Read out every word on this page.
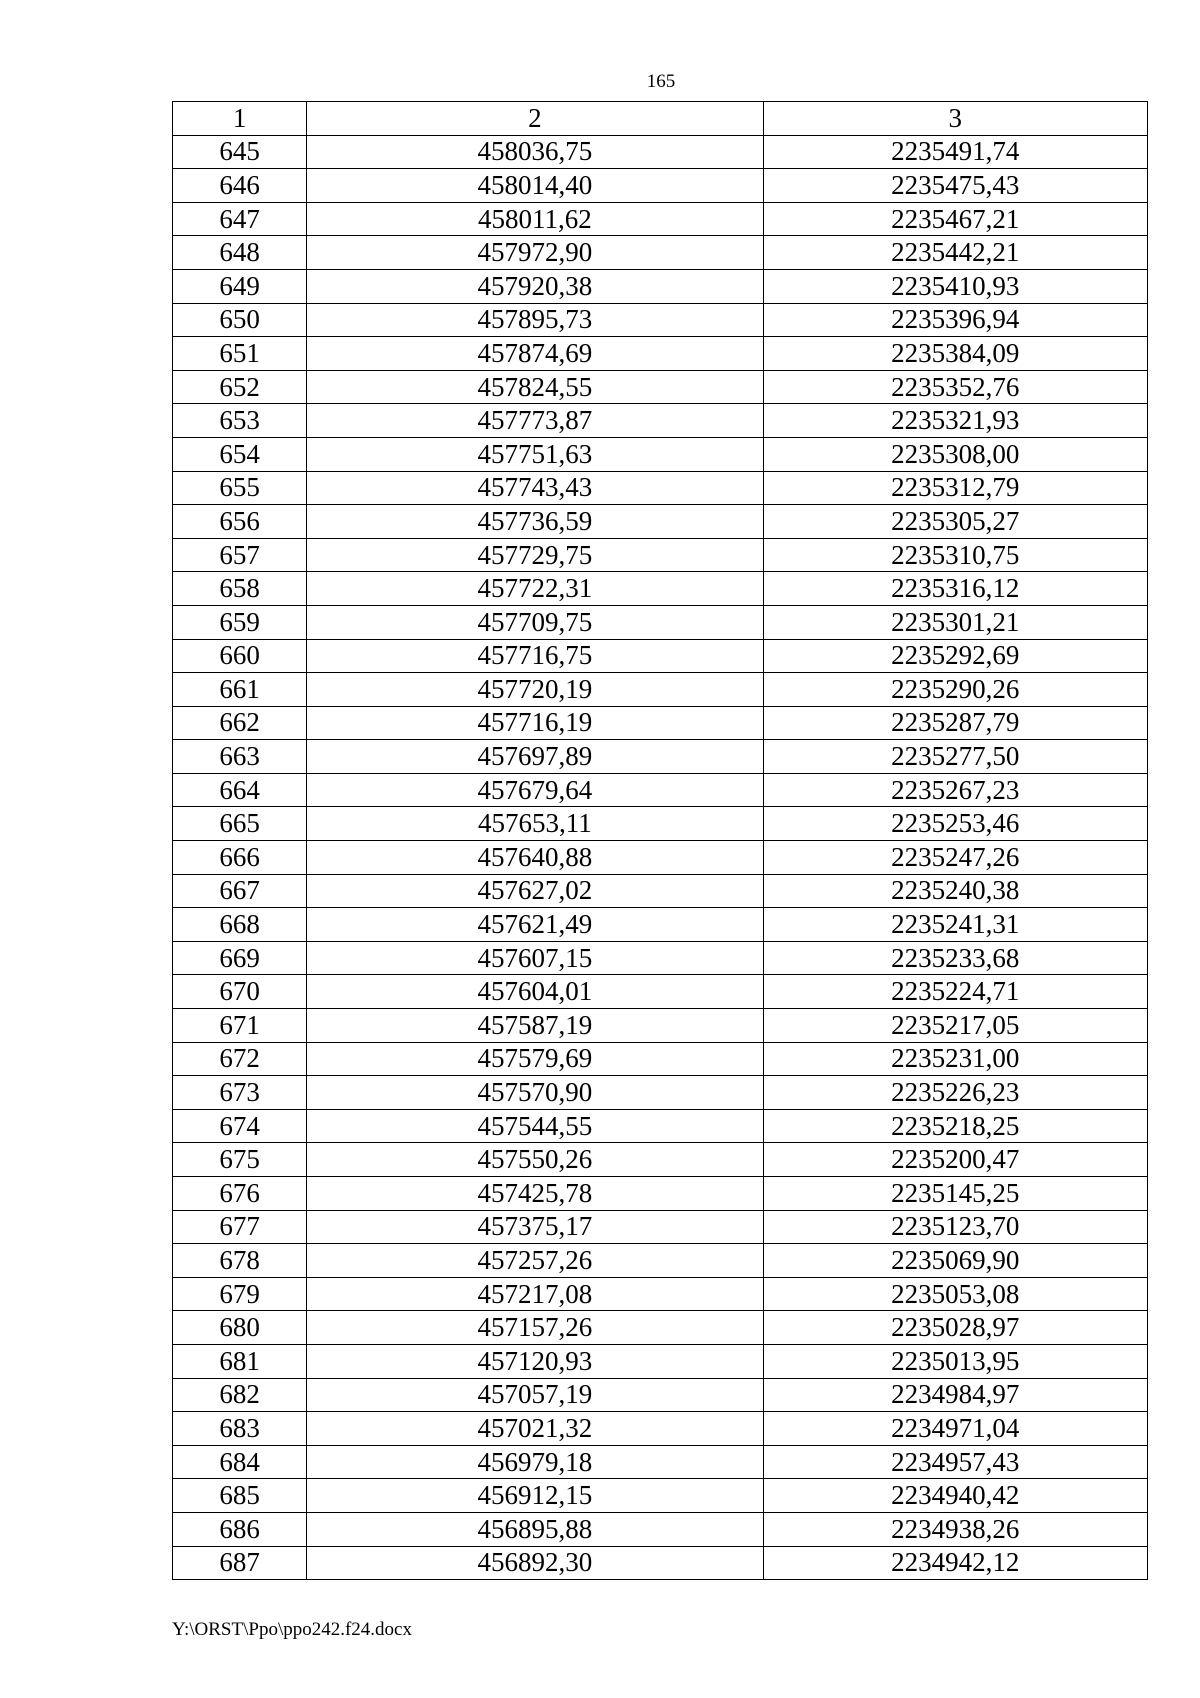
165
1	2	3
645	458036,75	2235491,74
646	458014,40	2235475,43
647	458011,62	2235467,21
648	457972,90	2235442,21
649	457920,38	2235410,93
650	457895,73	2235396,94
651	457874,69	2235384,09
652	457824,55	2235352,76
653	457773,87	2235321,93
654	457751,63	2235308,00
655	457743,43	2235312,79
656	457736,59	2235305,27
657	457729,75	2235310,75
658	457722,31	2235316,12
659	457709,75	2235301,21
660	457716,75	2235292,69
661	457720,19	2235290,26
662	457716,19	2235287,79
663	457697,89	2235277,50
664	457679,64	2235267,23
665	457653,11	2235253,46
666	457640,88	2235247,26
667	457627,02	2235240,38
668	457621,49	2235241,31
669	457607,15	2235233,68
670	457604,01	2235224,71
671	457587,19	2235217,05
672	457579,69	2235231,00
673	457570,90	2235226,23
674	457544,55	2235218,25
675	457550,26	2235200,47
676	457425,78	2235145,25
677	457375,17	2235123,70
678	457257,26	2235069,90
679	457217,08	2235053,08
680	457157,26	2235028,97
681	457120,93	2235013,95
682	457057,19	2234984,97
683	457021,32	2234971,04
684	456979,18	2234957,43
685	456912,15	2234940,42
686	456895,88	2234938,26
687	456892,30	2234942,12
Y:\ORST\Ppo\ppo242.f24.docx
